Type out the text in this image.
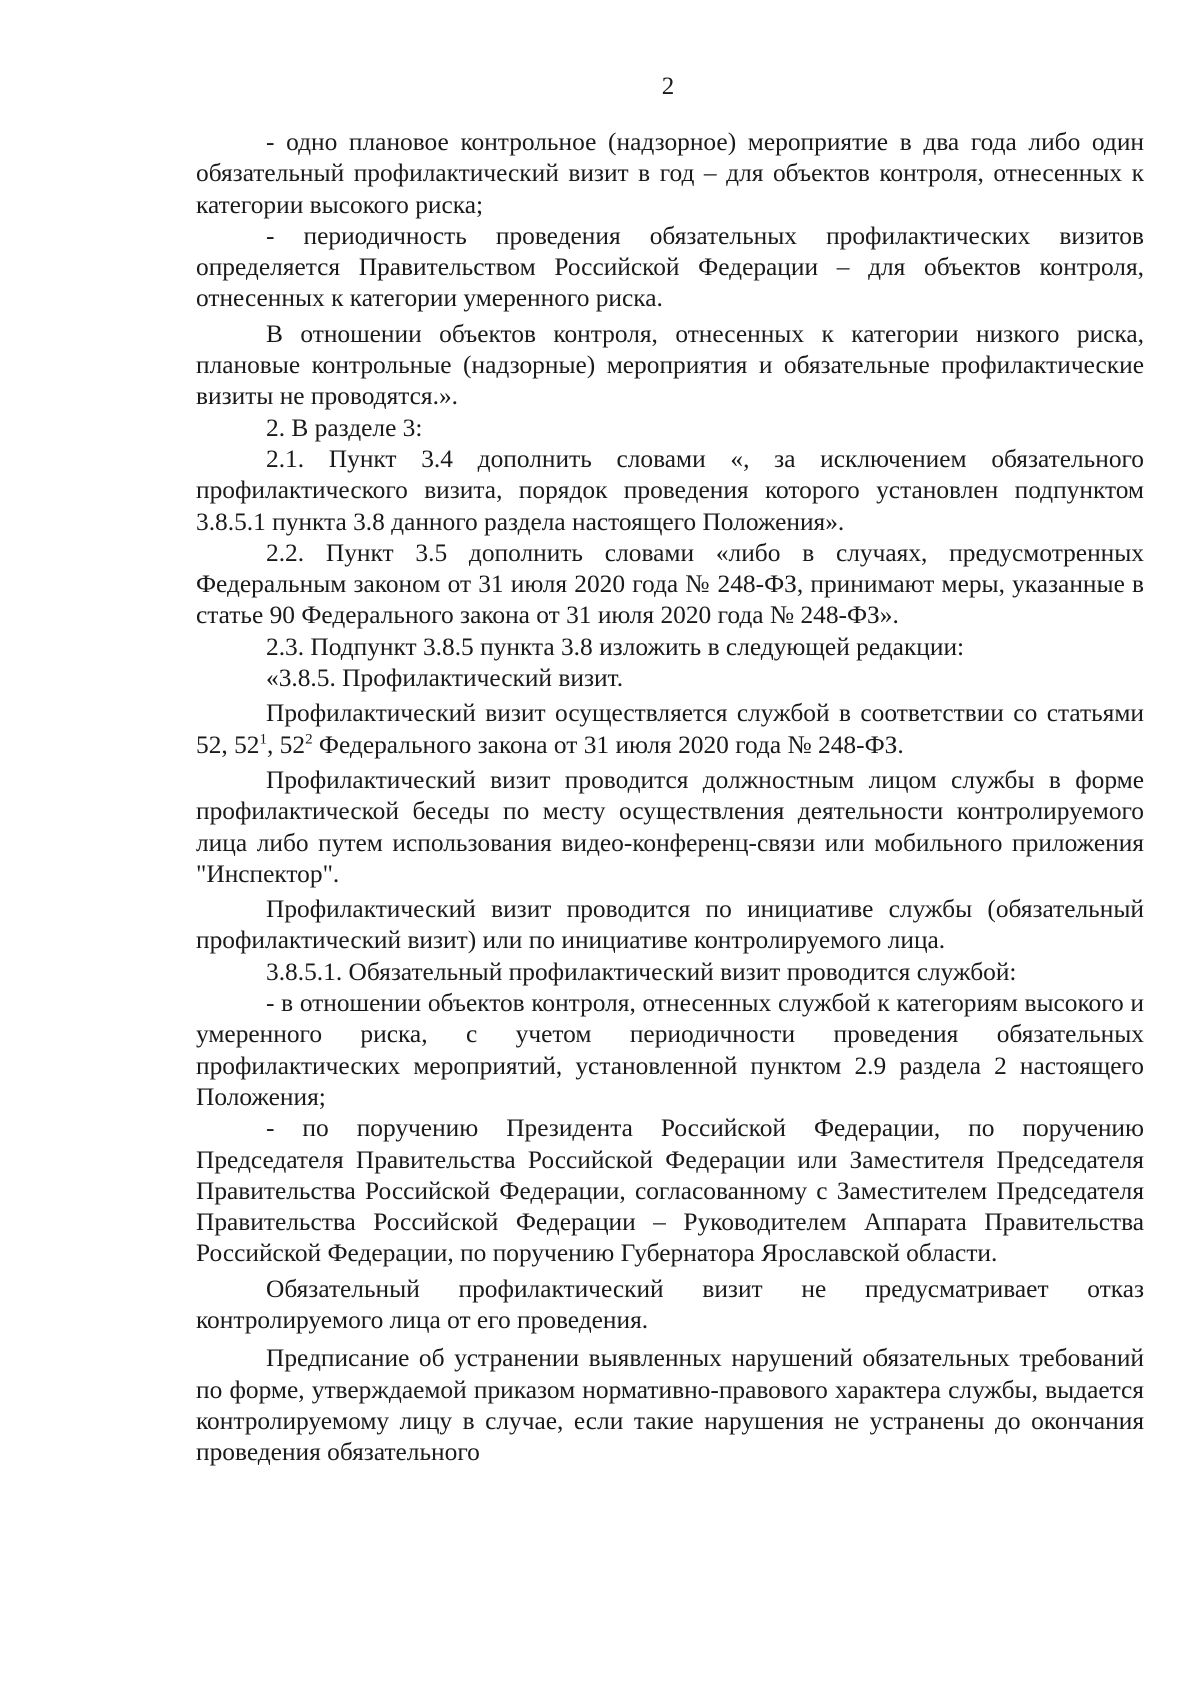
2

- одно плановое контрольное (надзорное) мероприятие в два года либо один обязательный профилактический визит в год – для объектов контроля, отнесенных к категории высокого риска;

- периодичность проведения обязательных профилактических визитов определяется Правительством Российской Федерации – для объектов контроля, отнесенных к категории умеренного риска.

В отношении объектов контроля, отнесенных к категории низкого риска, плановые контрольные (надзорные) мероприятия и обязательные профилактические визиты не проводятся.».

2. В разделе 3:

2.1. Пункт 3.4 дополнить словами «, за исключением обязательного профилактического визита, порядок проведения которого установлен подпунктом 3.8.5.1 пункта 3.8 данного раздела настоящего Положения».

2.2. Пункт 3.5 дополнить словами «либо в случаях, предусмотренных Федеральным законом от 31 июля 2020 года № 248-ФЗ, принимают меры, указанные в статье 90 Федерального закона от 31 июля 2020 года № 248-ФЗ».

2.3. Подпункт 3.8.5 пункта 3.8 изложить в следующей редакции:

«3.8.5. Профилактический визит.

Профилактический визит осуществляется службой в соответствии со статьями 52, $52^1$, $52^2$ Федерального закона от 31 июля 2020 года № 248-ФЗ.

Профилактический визит проводится должностным лицом службы в форме профилактической беседы по месту осуществления деятельности контролируемого лица либо путем использования видео-конференц-связи или мобильного приложения "Инспектор".

Профилактический визит проводится по инициативе службы (обязательный профилактический визит) или по инициативе контролируемого лица.

3.8.5.1. Обязательный профилактический визит проводится службой:

- в отношении объектов контроля, отнесенных службой к категориям высокого и умеренного риска, с учетом периодичности проведения обязательных профилактических мероприятий, установленной пунктом 2.9 раздела 2 настоящего Положения;

- по поручению Президента Российской Федерации, по поручению Председателя Правительства Российской Федерации или Заместителя Председателя Правительства Российской Федерации, согласованному с Заместителем Председателя Правительства Российской Федерации – Руководителем Аппарата Правительства Российской Федерации, по поручению Губернатора Ярославской области.

Обязательный профилактический визит не предусматривает отказ контролируемого лица от его проведения.

Предписание об устранении выявленных нарушений обязательных требований по форме, утверждаемой приказом нормативно-правового характера службы, выдается контролируемому лицу в случае, если такие нарушения не устранены до окончания проведения обязательного
